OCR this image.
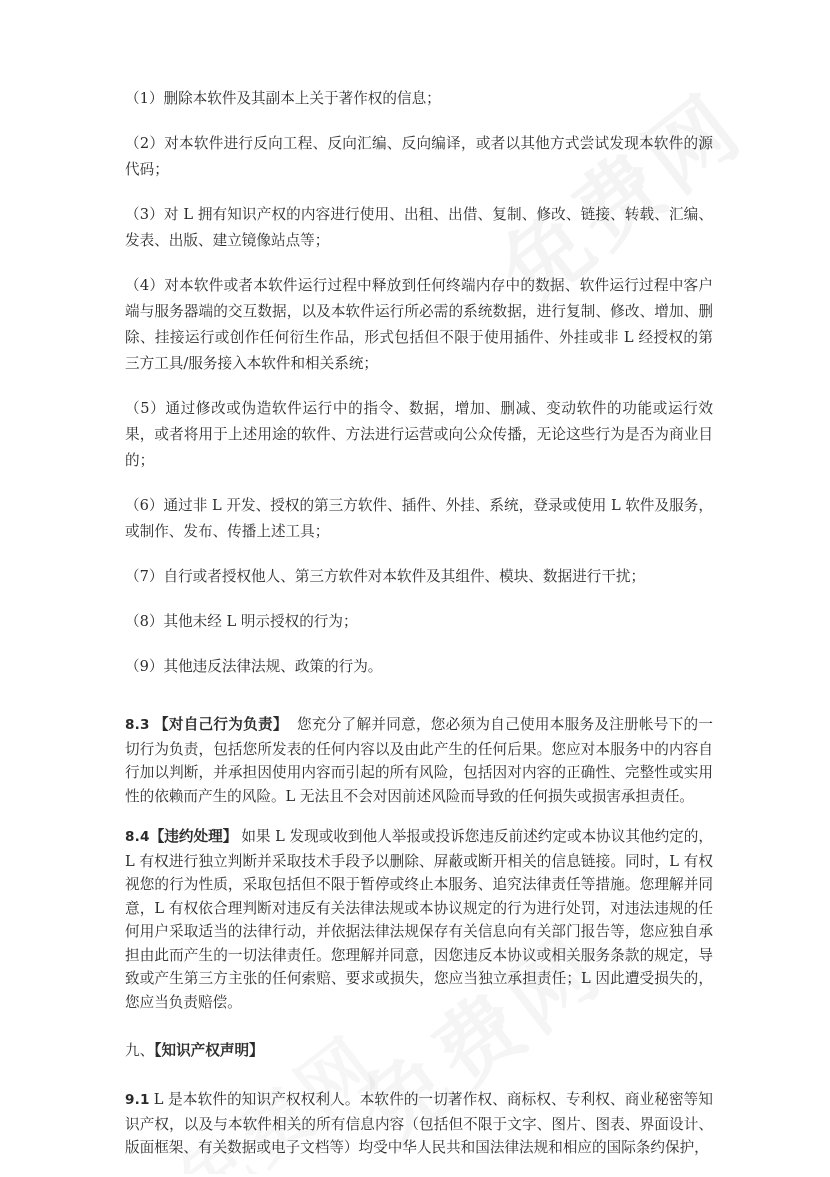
（1）删除本软件及其副本上关于著作权的信息；

（2）对本软件进行反向工程、反向汇编、反向编译，或者以其他方式尝试发现本软件的源代码；

（3）对 L 拥有知识产权的内容进行使用、出租、出借、复制、修改、链接、转载、汇编、发表、出版、建立镜像站点等；

（4）对本软件或者本软件运行过程中释放到任何终端内存中的数据、软件运行过程中客户端与服务器端的交互数据，以及本软件运行所必需的系统数据，进行复制、修改、增加、删除、挂接运行或创作任何衍生作品，形式包括但不限于使用插件、外挂或非 L 经授权的第三方工具/服务接入本软件和相关系统；

（5）通过修改或伪造软件运行中的指令、数据，增加、删减、变动软件的功能或运行效果，或者将用于上述用途的软件、方法进行运营或向公众传播，无论这些行为是否为商业目的；

（6）通过非 L 开发、授权的第三方软件、插件、外挂、系统，登录或使用 L 软件及服务，或制作、发布、传播上述工具；

（7）自行或者授权他人、第三方软件对本软件及其组件、模块、数据进行干扰；

（8）其他未经 L 明示授权的行为；

（9）其他违反法律法规、政策的行为。

8.3 【对自己行为负责】 您充分了解并同意，您必须为自己使用本服务及注册帐号下的一切行为负责，包括您所发表的任何内容以及由此产生的任何后果。您应对本服务中的内容自行加以判断，并承担因使用内容而引起的所有风险，包括因对内容的正确性、完整性或实用性的依赖而产生的风险。L 无法且不会对因前述风险而导致的任何损失或损害承担责任。

8.4【违约处理】 如果 L 发现或收到他人举报或投诉您违反前述约定或本协议其他约定的，L 有权进行独立判断并采取技术手段予以删除、屏蔽或断开相关的信息链接。同时，L 有权视您的行为性质，采取包括但不限于暂停或终止本服务、追究法律责任等措施。您理解并同意，L 有权依合理判断对违反有关法律法规或本协议规定的行为进行处罚，对违法违规的任何用户采取适当的法律行动，并依据法律法规保存有关信息向有关部门报告等，您应独自承担由此而产生的一切法律责任。您理解并同意，因您违反本协议或相关服务条款的规定，导致或产生第三方主张的任何索赔、要求或损失，您应当独立承担责任；L 因此遭受损失的，您应当负责赔偿。

九、【知识产权声明】

9.1 L 是本软件的知识产权权利人。本软件的一切著作权、商标权、专利权、商业秘密等知识产权，以及与本软件相关的所有信息内容（包括但不限于文字、图片、图表、界面设计、版面框架、有关数据或电子文档等）均受中华人民共和国法律法规和相应的国际条约保护，
